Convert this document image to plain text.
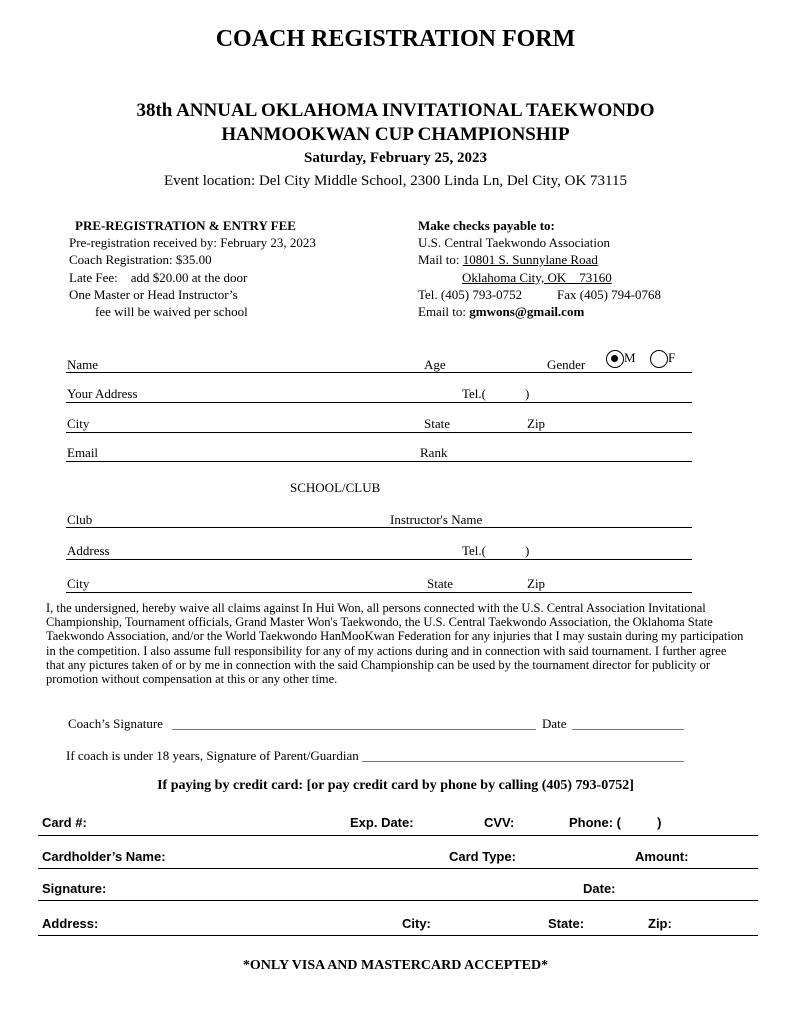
COACH REGISTRATION FORM
38th ANNUAL OKLAHOMA INVITATIONAL TAEKWONDO
HANMOOKWAN CUP CHAMPIONSHIP
Saturday, February 25, 2023
Event location: Del City Middle School, 2300 Linda Ln, Del City, OK 73115
PRE-REGISTRATION & ENTRY FEE
Pre-registration received by: February 23, 2023
Coach Registration: $35.00
Late Fee:    add $20.00 at the door
One Master or Head Instructor’s
fee will be waived per school
Make checks payable to:
U.S. Central Taekwondo Association
Mail to: 10801 S. Sunnylane Road
Oklahoma City, OK    73160
Tel. (405) 793-0752	Fax (405) 794-0768
Email to: gmwons@gmail.com
Name	Age	Gender	M	F
Your Address	Tel.(            )
City	State	Zip
Email	Rank
SCHOOL/CLUB
Club	Instructor's Name
Address	Tel.(            )
City	State	Zip
I, the undersigned, hereby waive all claims against In Hui Won, all persons connected with the U.S. Central Association Invitational Championship, Tournament officials, Grand Master Won's Taekwondo, the U.S. Central Taekwondo Association, the Oklahoma State Taekwondo Association, and/or the World Taekwondo HanMooKwan Federation for any injuries that I may sustain during my participation in the competition. I also assume full responsibility for any of my actions during and in connection with said tournament. I further agree that any pictures taken of or by me in connection with the said Championship can be used by the tournament director for publicity or promotion without compensation at this or any other time.
Coach’s Signature	Date
If coach is under 18 years, Signature of Parent/Guardian
If paying by credit card: [or pay credit card by phone by calling (405) 793-0752]
Card #:	Exp. Date:	CVV:	Phone: (          )
Cardholder’s Name:	Card Type:	Amount:
Signature:	Date:
Address:	City:	State:	Zip:
*ONLY VISA AND MASTERCARD ACCEPTED*
